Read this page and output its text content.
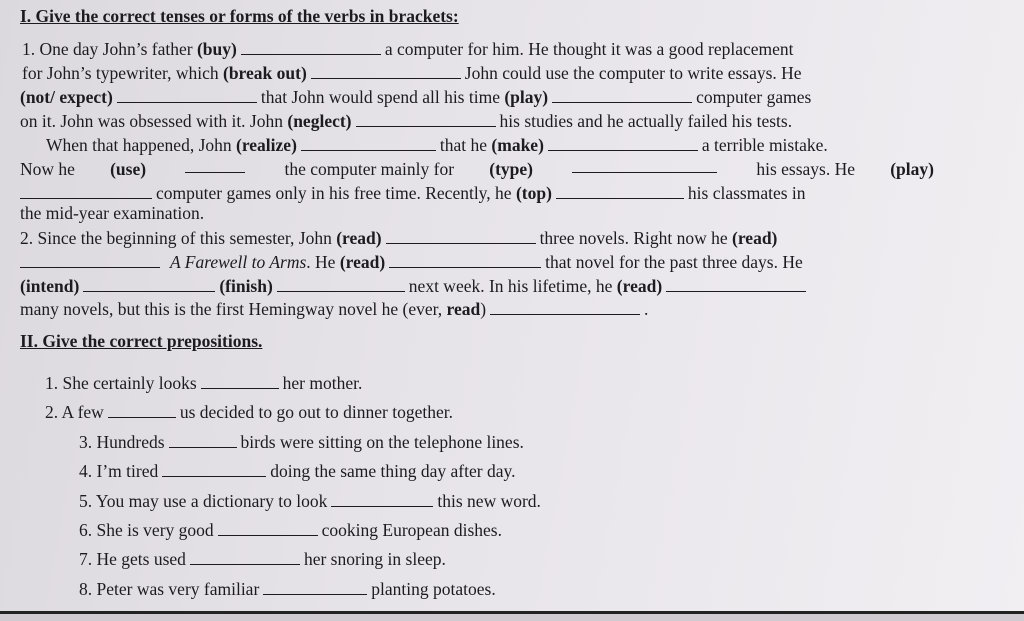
I. Give the correct tenses or forms of the verbs in brackets:
1. One day John’s father (buy)	a computer for him. He thought it was a good replacement
for John’s typewriter, which (break out)	John could use the computer to write essays. He
(not/ expect)	that John would spend all his time (play)	computer games
on it. John was obsessed with it. John (neglect)	his studies and he actually failed his tests.
When that happened, John (realize)	that he (make)	a terrible mistake.
Now he (use)	the computer mainly for (type)	his essays. He (play)
computer games only in his free time. Recently, he (top)	his classmates in
the mid-year examination.
2. Since the beginning of this semester, John (read)	three novels. Right now he (read)
A Farewell to Arms. He (read)	that novel for the past three days. He
(intend)	(finish)	next week. In his lifetime, he (read)
many novels, but this is the first Hemingway novel he (ever, read)	.
II. Give the correct prepositions.
1. She certainly looks	her mother.
2. A few	us decided to go out to dinner together.
3. Hundreds	birds were sitting on the telephone lines.
4. I’m tired	doing the same thing day after day.
5. You may use a dictionary to look	this new word.
6. She is very good	cooking European dishes.
7. He gets used	her snoring in sleep.
8. Peter was very familiar	planting potatoes.
